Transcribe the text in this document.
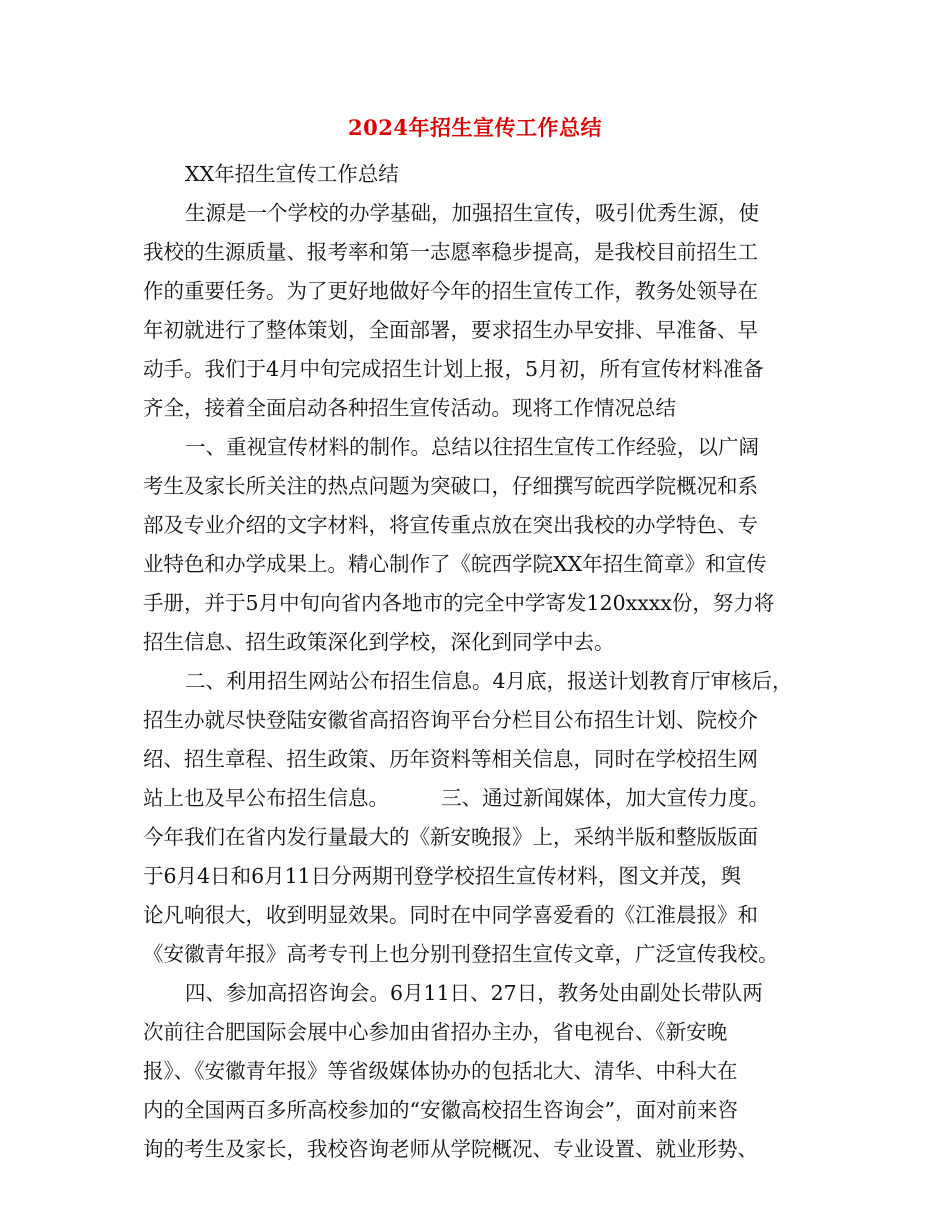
2024年招生宣传工作总结
XX年招生宣传工作总结
生源是一个学校的办学基础，加强招生宣传，吸引优秀生源，使
我校的生源质量、报考率和第一志愿率稳步提高，是我校目前招生工
作的重要任务。为了更好地做好今年的招生宣传工作，教务处领导在
年初就进行了整体策划，全面部署，要求招生办早安排、早准备、早
动手。我们于4月中旬完成招生计划上报，5月初，所有宣传材料准备
齐全，接着全面启动各种招生宣传活动。现将工作情况总结
一、重视宣传材料的制作。总结以往招生宣传工作经验，以广阔
考生及家长所关注的热点问题为突破口，仔细撰写皖西学院概况和系
部及专业介绍的文字材料，将宣传重点放在突出我校的办学特色、专
业特色和办学成果上。精心制作了《皖西学院XX年招生简章》和宣传
手册，并于5月中旬向省内各地市的完全中学寄发120xxxx份，努力将
招生信息、招生政策深化到学校，深化到同学中去。
二、利用招生网站公布招生信息。4月底，报送计划教育厅审核后，
招生办就尽快登陆安徽省高招咨询平台分栏目公布招生计划、院校介
绍、招生章程、招生政策、历年资料等相关信息，同时在学校招生网
站上也及早公布招生信息。        三、通过新闻媒体，加大宣传力度。
今年我们在省内发行量最大的《新安晚报》上，采纳半版和整版版面
于6月4日和6月11日分两期刊登学校招生宣传材料，图文并茂，舆
论凡响很大，收到明显效果。同时在中同学喜爱看的《江淮晨报》和
《安徽青年报》高考专刊上也分别刊登招生宣传文章，广泛宣传我校。
四、参加高招咨询会。6月11日、27日，教务处由副处长带队两
次前往合肥国际会展中心参加由省招办主办，省电视台、《新安晚
报》、《安徽青年报》等省级媒体协办的包括北大、清华、中科大在
内的全国两百多所高校参加的“安徽高校招生咨询会”，面对前来咨
询的考生及家长，我校咨询老师从学院概况、专业设置、就业形势、
